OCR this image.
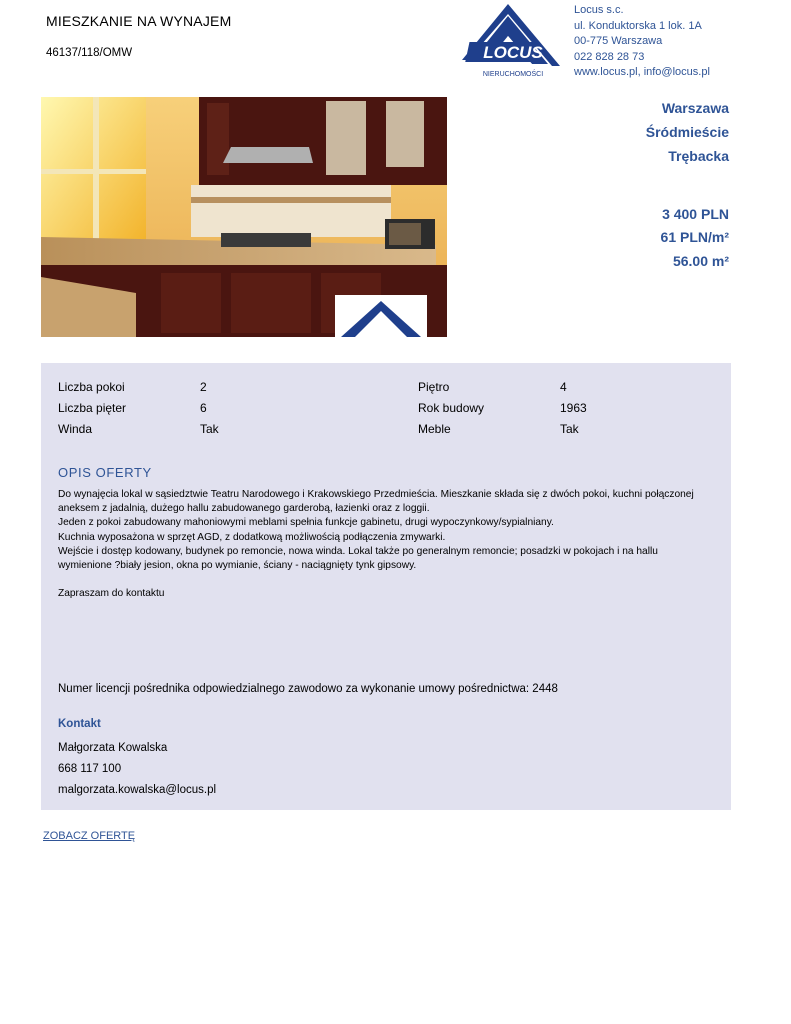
MIESZKANIE NA WYNAJEM
46137/118/OMW	LOCUS
NIERUCHOMOŚCI
Locus s.c.
ul. Konduktorska 1 lok. 1A
00-775 Warszawa
022 828 28 73
www.locus.pl, info@locus.pl
Warszawa
Śródmieście
Trębacka
3 400 PLN
61 PLN/m²
56.00 m²
Liczba pokoi	2	Piętro	4
Liczba pięter	6	Rok budowy	1963
Winda	Tak	Meble	Tak
OPIS OFERTY

Do wynajęcia lokal w sąsiedztwie Teatru Narodowego i Krakowskiego Przedmieścia. Mieszkanie składa się z dwóch pokoi, kuchni połączonej

aneksem z jadalnią, dużego hallu zabudowanego garderobą, łazienki oraz z loggii.

Jeden z pokoi zabudowany mahoniowymi meblami spełnia funkcje gabinetu, drugi wypoczynkowy/sypialniany.

Kuchnia wyposażona w sprzęt AGD, z dodatkową możliwością podłączenia zmywarki.

Wejście i dostęp kodowany, budynek po remoncie, nowa winda. Lokal także po generalnym remoncie; posadzki w pokojach i na hallu

wymienione ?biały jesion, okna po wymianie, ściany - naciągnięty tynk gipsowy.

Zapraszam do kontaktu

Numer licencji pośrednika odpowiedzialnego zawodowo za wykonanie umowy pośrednictwa: 2448
Kontakt
Małgorzata Kowalska
668 117 100
malgorzata.kowalska@locus.pl
ZOBACZ OFERTĘ
